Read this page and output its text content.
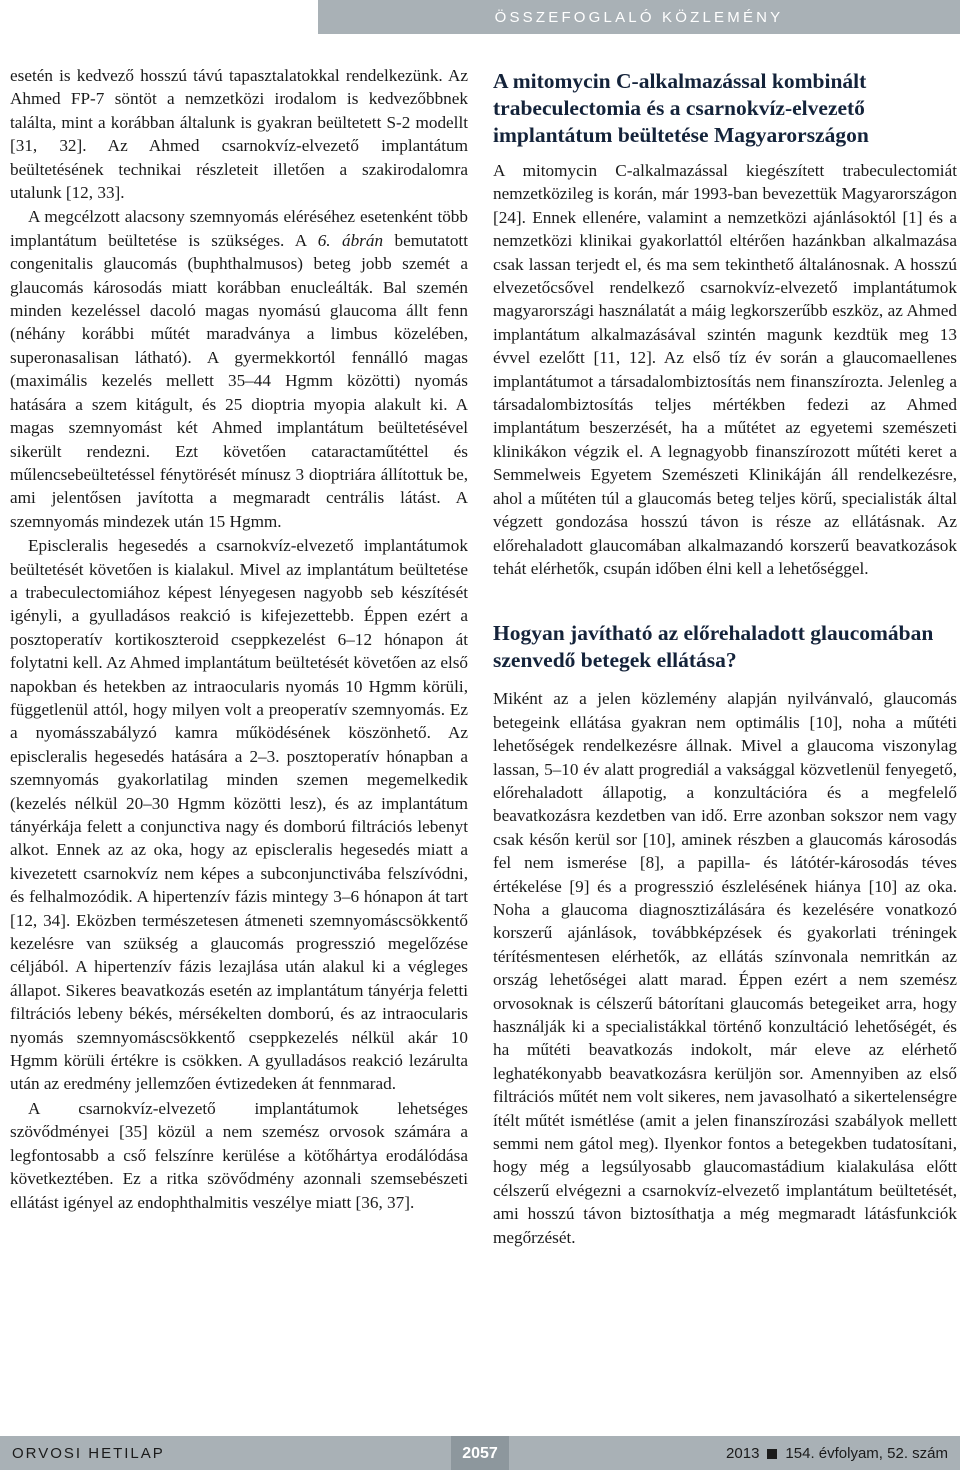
ÖSSZEFOGLALÓ KÖZLEMÉNY

esetén is kedvező hosszú távú tapasztalatokkal rendelkezünk. Az Ahmed FP-7 söntöt a nemzetközi irodalom is kedvezőbbnek találta, mint a korábban általunk is gyakran beültetett S-2 modellt [31, 32]. Az Ahmed csarnokvíz-elvezető implantátum beültetésének technikai részleteit illetően a szakirodalomra utalunk [12, 33].

A megcélzott alacsony szemnyomás eléréséhez esetenként több implantátum beültetése is szükséges. A 6. ábrán bemutatott congenitalis glaucomás (buphthalmusos) beteg jobb szemét a glaucomás károsodás miatt korábban enucleálták. Bal szemén minden kezeléssel dacoló magas nyomású glaucoma állt fenn (néhány korábbi műtét maradványa a limbus közelében, superonasalisan látható). A gyermekkortól fennálló magas (maximális kezelés mellett 35–44 Hgmm közötti) nyomás hatására a szem kitágult, és 25 dioptria myopia alakult ki. A magas szemnyomást két Ahmed implantátum beültetésével sikerült rendezni. Ezt követően cataractaműtéttel és műlencsebeültetéssel fénytörését mínusz 3 dioptriára állítottuk be, ami jelentősen javította a megmaradt centrális látást. A szemnyomás mindezek után 15 Hgmm.

Episcleralis hegesedés a csarnokvíz-elvezető implantátumok beültetését követően is kialakul. Mivel az implantátum beültetése a trabeculectomiához képest lényegesen nagyobb seb készítését igényli, a gyulladásos reakció is kifejezettebb. Éppen ezért a posztoperatív kortikoszteroid cseppkezelést 6–12 hónapon át folytatni kell. Az Ahmed implantátum beültetését követően az első napokban és hetekben az intraocularis nyomás 10 Hgmm körüli, függetlenül attól, hogy milyen volt a preoperatív szemnyomás. Ez a nyomásszabályzó kamra működésének köszönhető. Az episcleralis hegesedés hatására a 2–3. posztoperatív hónapban a szemnyomás gyakorlatilag minden szemen megemelkedik (kezelés nélkül 20–30 Hgmm közötti lesz), és az implantátum tányérkája felett a conjunctiva nagy és domború filtrációs lebenyt alkot. Ennek az az oka, hogy az episcleralis hegesedés miatt a kivezetett csarnokvíz nem képes a subconjunctivába felszívódni, és felhalmozódik. A hipertenzív fázis mintegy 3–6 hónapon át tart [12, 34]. Eközben természetesen átmeneti szemnyomáscsökkentő kezelésre van szükség a glaucomás progresszió megelőzése céljából. A hipertenzív fázis lezajlása után alakul ki a végleges állapot. Sikeres beavatkozás esetén az implantátum tányérja feletti filtrációs lebeny békés, mérsékelten domború, és az intraocularis nyomás szemnyomáscsökkentő cseppkezelés nélkül akár 10 Hgmm körüli értékre is csökken. A gyulladásos reakció lezárulta után az eredmény jellemzően évtizedeken át fennmarad.

A csarnokvíz-elvezető implantátumok lehetséges szövődményei [35] közül a nem szemész orvosok számára a legfontosabb a cső felszínre kerülése a kötőhártya erodálódása következtében. Ez a ritka szövődmény azonnali szemsebészeti ellátást igényel az endophthalmitis veszélye miatt [36, 37].

A mitomycin C-alkalmazással kombinált trabeculectomia és a csarnokvíz-elvezető implantátum beültetése Magyarországon

A mitomycin C-alkalmazással kiegészített trabeculectomiát nemzetközileg is korán, már 1993-ban bevezettük Magyarországon [24]. Ennek ellenére, valamint a nemzetközi ajánlásoktól [1] és a nemzetközi klinikai gyakorlattól eltérően hazánkban alkalmazása csak lassan terjedt el, és ma sem tekinthető általánosnak. A hosszú elvezetőcsővel rendelkező csarnokvíz-elvezető implantátumok magyarországi használatát a máig legkorszerűbb eszköz, az Ahmed implantátum alkalmazásával szintén magunk kezdtük meg 13 évvel ezelőtt [11, 12]. Az első tíz év során a glaucomaellenes implantátumot a társadalombiztosítás nem finanszírozta. Jelenleg a társadalombiztosítás teljes mértékben fedezi az Ahmed implantátum beszerzését, ha a műtétet az egyetemi szemészeti klinikákon végzik el. A legnagyobb finanszírozott műtéti keret a Semmelweis Egyetem Szemészeti Klinikáján áll rendelkezésre, ahol a műtéten túl a glaucomás beteg teljes körű, specialisták által végzett gondozása hosszú távon is része az ellátásnak. Az előrehaladott glaucomában alkalmazandó korszerű beavatkozások tehát elérhetők, csupán időben élni kell a lehetőséggel.

Hogyan javítható az előrehaladott glaucomában szenvedő betegek ellátása?

Miként az a jelen közlemény alapján nyilvánvaló, glaucomás betegeink ellátása gyakran nem optimális [10], noha a műtéti lehetőségek rendelkezésre állnak. Mivel a glaucoma viszonylag lassan, 5–10 év alatt progrediál a vaksággal közvetlenül fenyegető, előrehaladott állapotig, a konzultációra és a megfelelő beavatkozásra kezdetben van idő. Erre azonban sokszor nem vagy csak későn kerül sor [10], aminek részben a glaucomás károsodás fel nem ismerése [8], a papilla- és látótér-károsodás téves értékelése [9] és a progresszió észlelésének hiánya [10] az oka. Noha a glaucoma diagnosztizálására és kezelésére vonatkozó korszerű ajánlások, továbbképzések és gyakorlati tréningek térítésmentesen elérhetők, az ellátás színvonala nemritkán az ország lehetőségei alatt marad. Éppen ezért a nem szemész orvosoknak is célszerű bátorítani glaucomás betegeiket arra, hogy használják ki a specialistákkal történő konzultáció lehetőségét, és ha műtéti beavatkozás indokolt, már eleve az elérhető leghatékonyabb beavatkozásra kerüljön sor. Amennyiben az első filtrációs műtét nem volt sikeres, nem javasolható a sikertelenségre ítélt műtét ismétlése (amit a jelen finanszírozási szabályok mellett semmi nem gátol meg). Ilyenkor fontos a betegekben tudatosítani, hogy még a legsúlyosabb glaucomastádium kialakulása előtt célszerű elvégezni a csarnokvíz-elvezető implantátum beültetését, ami hosszú távon biztosíthatja a még megmaradt látásfunkciók megőrzését.

ORVOSI HETILAP	2057	2013 154. évfolyam, 52. szám
